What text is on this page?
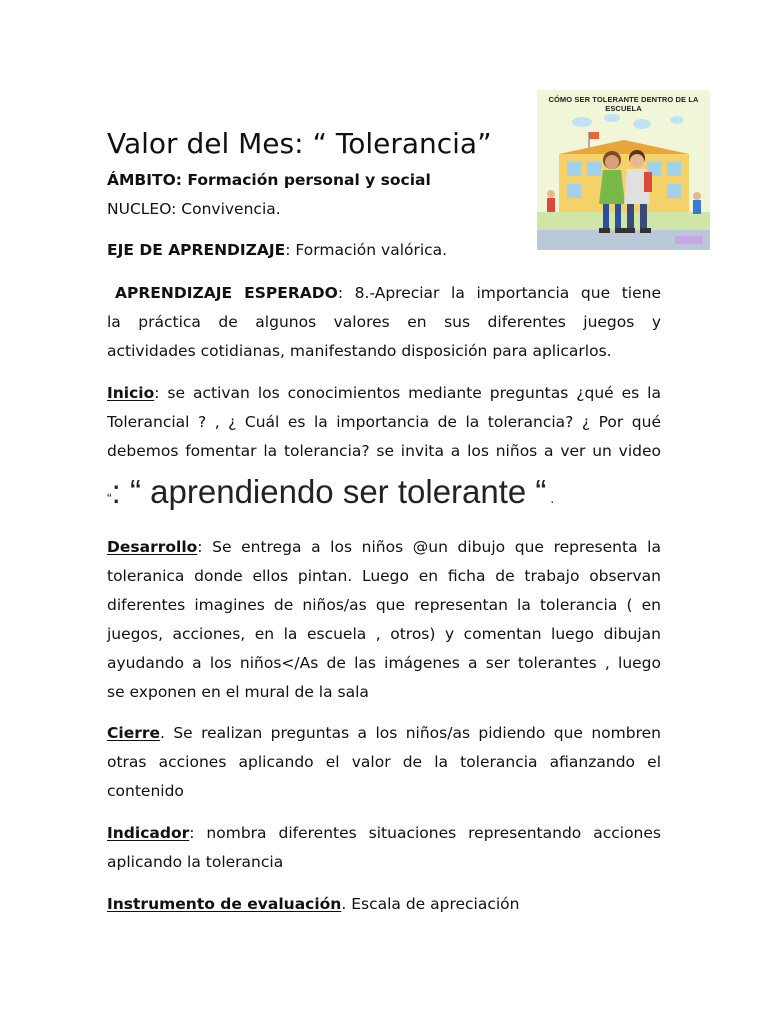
CÓMO SER TOLERANTE DENTRO DE LA
ESCUELA
Valor del Mes: “ Tolerancia”
ÁMBITO: Formación personal y social
NUCLEO: Convivencia.
EJE DE APRENDIZAJE: Formación valórica.
APRENDIZAJE ESPERADO: 8.-Apreciar la importancia que tiene
la práctica de algunos valores en sus diferentes juegos y
actividades cotidianas, manifestando disposición para aplicarlos.
Inicio: se activan los conocimientos mediante preguntas ¿qué es la
Tolerancial ? , ¿ Cuál es la importancia de la tolerancia? ¿ Por qué
debemos fomentar la tolerancia? se invita a los niños a ver un video
“: “ aprendiendo ser tolerante “ .
Desarrollo: Se entrega a los niños @un dibujo que representa la
toleranica donde ellos pintan. Luego en ficha de trabajo observan
diferentes imagines de niños/as que representan la tolerancia ( en
juegos, acciones, en la escuela , otros) y comentan luego dibujan
ayudando a los niños</As de las imágenes a ser tolerantes , luego
se exponen en el mural de la sala
Cierre. Se realizan preguntas a los niños/as pidiendo que nombren
otras acciones aplicando el valor de la tolerancia afianzando el
contenido
Indicador: nombra diferentes situaciones representando acciones
aplicando la tolerancia
Instrumento de evaluación. Escala de apreciación
